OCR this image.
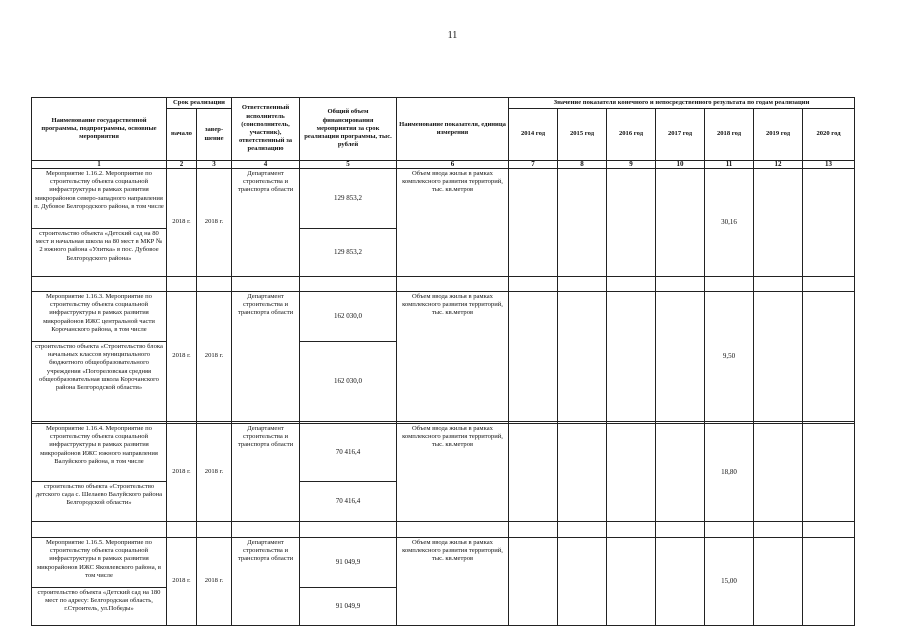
11
Наименование государственной программы, подпрограммы, основные мероприятия	Срок реализации		Ответственный исполнитель (соисполнитель, участник), ответственный за реализацию	Общий объем финансирования мероприятия за срок реализации программы, тыс. рублей	Наименование показателя, единица измерения	Значение показателя конечного и непосредственного результата по годам реализации						
	начало	завер-шение				2014 год	2015 год	2016 год	2017 год	2018 год	2019 год	2020 год
1	2	3	4	5	6	7	8	9	10	11	12	13
Мероприятие 1.16.2. Мероприятие по строительству объекта социальной инфраструктуры в рамках развития микрорайонов северо-западного направления п. Дубовое Белгородского района, в том числе	2018 г.	2018 г.	Департамент строительства и транспорта области	129 853,2	Объем ввода жилья в рамках комплексного развития территорий, тыс. кв.метров					30,16		
строительство объекта «Детский сад на 80 мест и начальная школа на 80 мест в МКР № 2 южного района «Улитка» в пос. Дубовое Белгородского района»				129 853,2								

Мероприятие 1.16.3. Мероприятие по строительству объекта социальной инфраструктуры в рамках развития микрорайонов ИЖС центральной части Корочанского района, в том числе	2018 г.	2018 г.	Департамент строительства и транспорта области	162 030,0	Объем ввода жилья в рамках комплексного развития территорий, тыс. кв.метров					9,50		
строительство объекта «Строительство блока начальных классов муниципального бюджетного общеобразовательного учреждения «Погореловская средняя общеобразовательная школа Корочанского района Белгородской области»				162 030,0								

Мероприятие 1.16.4. Мероприятие по строительству объекта социальной инфраструктуры в рамках развития микрорайонов ИЖС южного направления Валуйского района, в том числе	2018 г.	2018 г.	Департамент строительства и транспорта области	70 416,4	Объем ввода жилья в рамках комплексного развития территорий, тыс. кв.метров					18,80		
строительство объекта «Строительство детского сада с. Шелаево Валуйского района Белгородской области»				70 416,4								

Мероприятие 1.16.5. Мероприятие по строительству объекта социальной инфраструктуры в рамках развития микрорайонов ИЖС Яковлевского района, в том числе	2018 г.	2018 г.	Департамент строительства и транспорта области	91 049,9	Объем ввода жилья в рамках комплексного развития территорий, тыс. кв.метров					15,00		
строительство объекта «Детский сад на 180 мест по адресу: Белгородская область, г.Строитель, ул.Победы»				91 049,9								
